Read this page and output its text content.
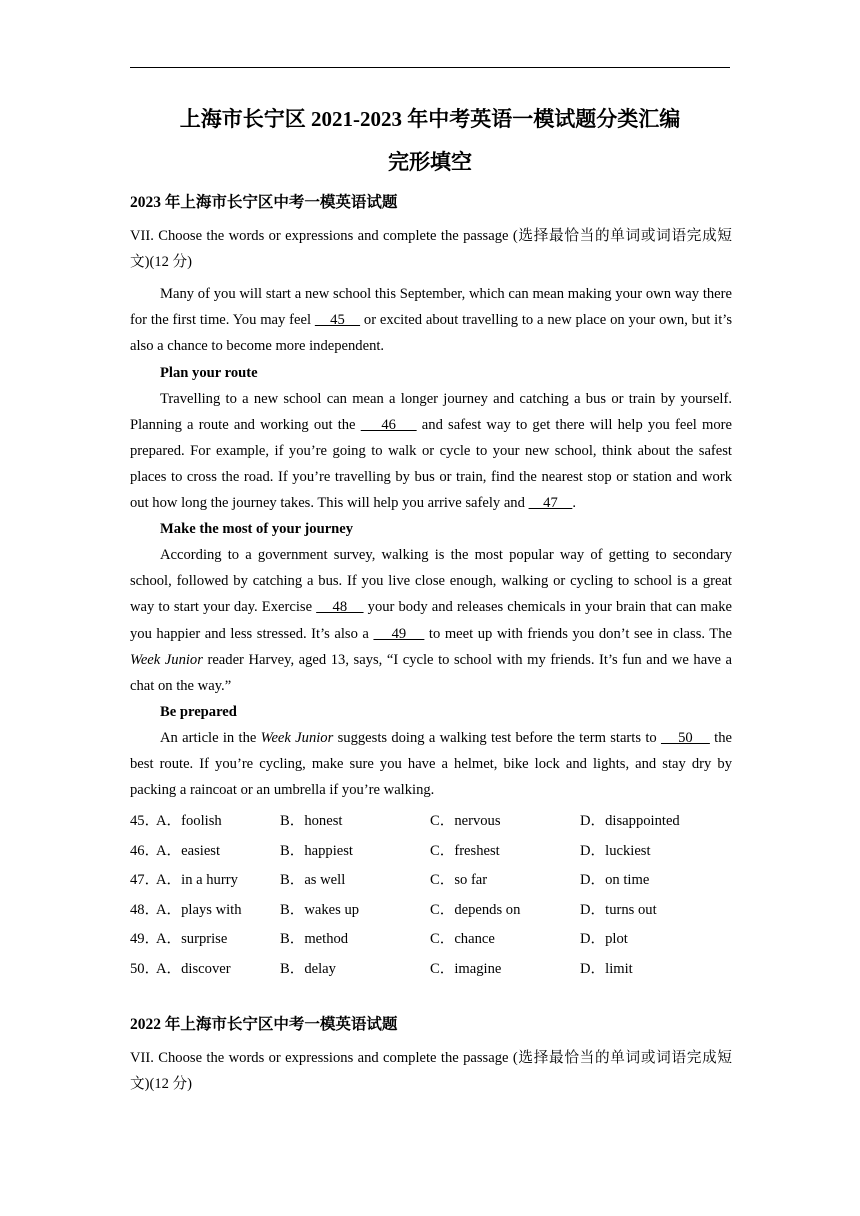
上海市长宁区 2021-2023 年中考英语一模试题分类汇编
完形填空

2023 年上海市长宁区中考一模英语试题

VII. Choose the words or expressions and complete the passage (选择最恰当的单词或词语完成短文)(12 分)

Many of you will start a new school this September, which can mean making your own way there for the first time. You may feel     45     or excited about travelling to a new place on your own, but it’s also a chance to become more independent.

Plan your route

Travelling to a new school can mean a longer journey and catching a bus or train by yourself. Planning a route and working out the     46     and safest way to get there will help you feel more prepared. For example, if you’re going to walk or cycle to your new school, think about the safest places to cross the road. If you’re travelling by bus or train, find the nearest stop or station and work out how long the journey takes. This will help you arrive safely and     47    .

Make the most of your journey

According to a government survey, walking is the most popular way of getting to secondary school, followed by catching a bus. If you live close enough, walking or cycling to school is a great way to start your day. Exercise     48     your body and releases chemicals in your brain that can make you happier and less stressed. It’s also a     49     to meet up with friends you don’t see in class. The Week Junior reader Harvey, aged 13, says, “I cycle to school with my friends. It’s fun and we have a chat on the way.”

Be prepared

An article in the Week Junior suggests doing a walking test before the term starts to     50     the best route. If you’re cycling, make sure you have a helmet, bike lock and lights, and stay dry by packing a raincoat or an umbrella if you’re walking.

45．
A．foolish	B．honest	C．nervous	D．disappointed
46．
A．easiest	B．happiest	C．freshest	D．luckiest
47．
A．in a hurry	B．as well	C．so far	D．on time
48．
A．plays with	B．wakes up	C．depends on	D．turns out
49．
A．surprise	B．method	C．chance	D．plot
50．
A．discover	B．delay	C．imagine	D．limit

2022 年上海市长宁区中考一模英语试题

VII. Choose the words or expressions and complete the passage (选择最恰当的单词或词语完成短文)(12 分)
